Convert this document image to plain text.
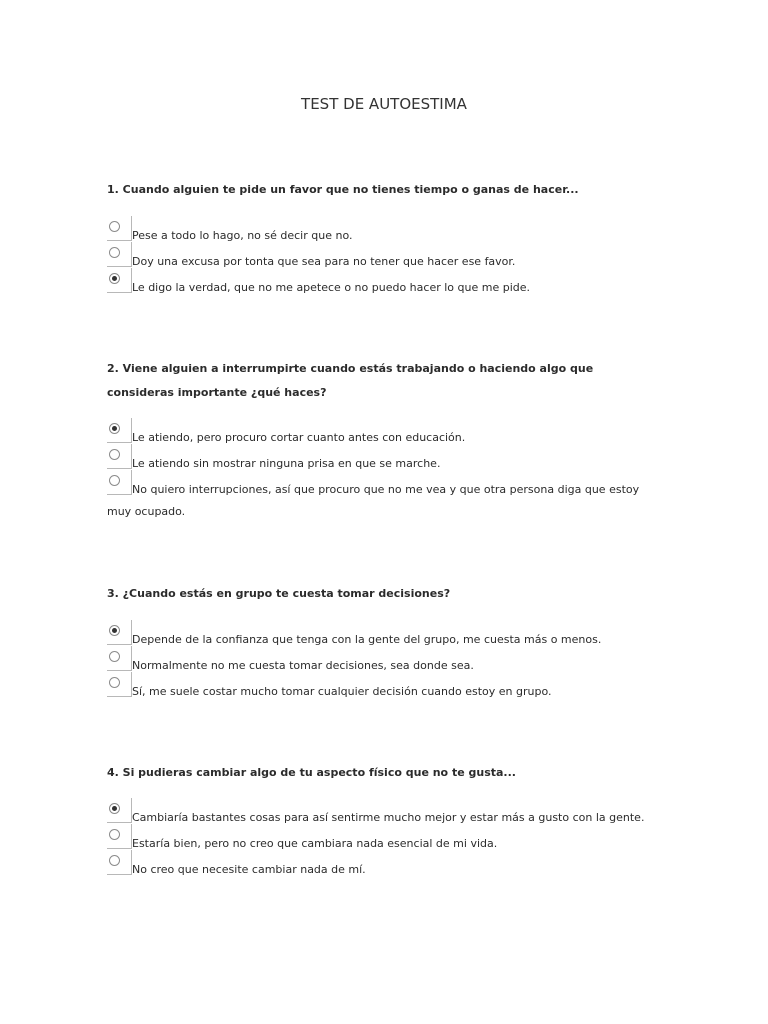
TEST DE AUTOESTIMA
1. Cuando alguien te pide un favor que no tienes tiempo o ganas de hacer...
Pese a todo lo hago, no sé decir que no.
Doy una excusa por tonta que sea para no tener que hacer ese favor.
Le digo la verdad, que no me apetece o no puedo hacer lo que me pide.
2. Viene alguien a interrumpirte cuando estás trabajando o haciendo algo que
consideras importante ¿qué haces?
Le atiendo, pero procuro cortar cuanto antes con educación.
Le atiendo sin mostrar ninguna prisa en que se marche.
No quiero interrupciones, así que procuro que no me vea y que otra persona diga que estoy
muy ocupado.
3. ¿Cuando estás en grupo te cuesta tomar decisiones?
Depende de la confianza que tenga con la gente del grupo, me cuesta más o menos.
Normalmente no me cuesta tomar decisiones, sea donde sea.
Sí, me suele costar mucho tomar cualquier decisión cuando estoy en grupo.
4. Si pudieras cambiar algo de tu aspecto físico que no te gusta...
Cambiaría bastantes cosas para así sentirme mucho mejor y estar más a gusto con la gente.
Estaría bien, pero no creo que cambiara nada esencial de mi vida.
No creo que necesite cambiar nada de mí.
